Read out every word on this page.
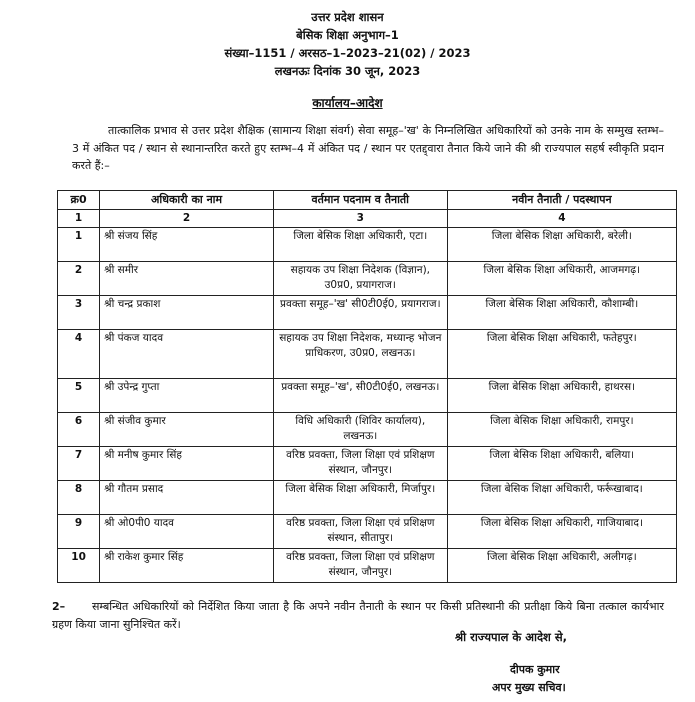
उत्तर प्रदेश शासन
बेसिक शिक्षा अनुभाग–1
संख्या–1151 / अरसठ–1–2023–21(02) / 2023
लखनऊः दिनांक 30 जून, 2023
कार्यालय–आदेश
तात्कालिक प्रभाव से उत्तर प्रदेश शैक्षिक (सामान्य शिक्षा संवर्ग) सेवा समूह–'ख' के निम्नलिखित अधिकारियों को उनके नाम के सम्मुख स्तम्भ–3 में अंकित पद / स्थान से स्थानान्तरित करते हुए स्तम्भ–4 में अंकित पद / स्थान पर एतद्द्वारा तैनात किये जाने की श्री राज्यपाल सहर्ष स्वीकृति प्रदान करते हैं:–
क्र0	अधिकारी का नाम	वर्तमान पदनाम व तैनाती	नवीन तैनाती / पदस्थापन
1	2	3	4
1	श्री संजय सिंह	जिला बेसिक शिक्षा अधिकारी, एटा।	जिला बेसिक शिक्षा अधिकारी, बरेली।
2	श्री समीर	सहायक उप शिक्षा निदेशक (विज्ञान), उ0प्र0, प्रयागराज।	जिला बेसिक शिक्षा अधिकारी, आजमगढ़।
3	श्री चन्द्र प्रकाश	प्रवक्ता समूह–'ख' सी0टी0ई0, प्रयागराज।	जिला बेसिक शिक्षा अधिकारी, कौशाम्बी।
4	श्री पंकज यादव	सहायक उप शिक्षा निदेशक, मध्यान्ह भोजन प्राधिकरण, उ0प्र0, लखनऊ।	जिला बेसिक शिक्षा अधिकारी, फतेहपुर।
5	श्री उपेन्द्र गुप्ता	प्रवक्ता समूह–'ख', सी0टी0ई0, लखनऊ।	जिला बेसिक शिक्षा अधिकारी, हाथरस।
6	श्री संजीव कुमार	विधि अधिकारी (शिविर कार्यालय), लखनऊ।	जिला बेसिक शिक्षा अधिकारी, रामपुर।
7	श्री मनीष कुमार सिंह	वरिष्ठ प्रवक्ता, जिला शिक्षा एवं प्रशिक्षण संस्थान, जौनपुर।	जिला बेसिक शिक्षा अधिकारी, बलिया।
8	श्री गौतम प्रसाद	जिला बेसिक शिक्षा अधिकारी, मिर्जापुर।	जिला बेसिक शिक्षा अधिकारी, फर्रूखाबाद।
9	श्री ओ0पी0 यादव	वरिष्ठ प्रवक्ता, जिला शिक्षा एवं प्रशिक्षण संस्थान, सीतापुर।	जिला बेसिक शिक्षा अधिकारी, गाजियाबाद।
10	श्री राकेश कुमार सिंह	वरिष्ठ प्रवक्ता, जिला शिक्षा एवं प्रशिक्षण संस्थान, जौनपुर।	जिला बेसिक शिक्षा अधिकारी, अलीगढ़।
2– सम्बन्धित अधिकारियों को निर्देशित किया जाता है कि अपने नवीन तैनाती के स्थान पर किसी प्रतिस्थानी की प्रतीक्षा किये बिना तत्काल कार्यभार ग्रहण किया जाना सुनिश्चित करें।
श्री राज्यपाल के आदेश से,
दीपक कुमार
अपर मुख्य सचिव।
